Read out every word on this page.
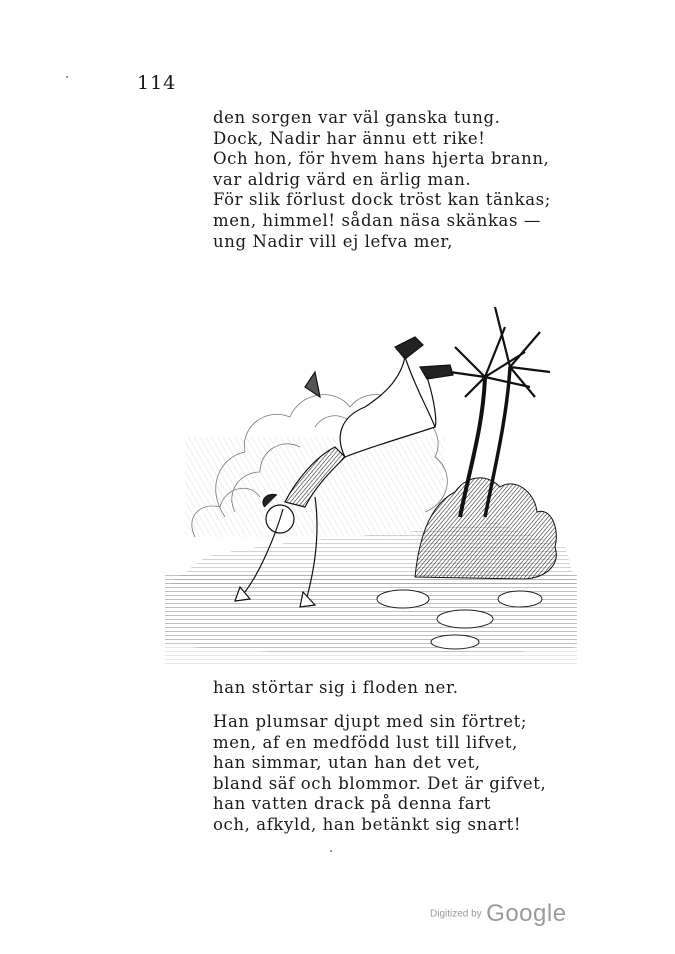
114
den sorgen var väl ganska tung.
Dock, Nadir har ännu ett rike!
Och hon, för hvem hans hjerta brann,
var aldrig värd en ärlig man.
För slik förlust dock tröst kan tänkas;
men, himmel! sådan näsa skänkas —
ung Nadir vill ej lefva mer,
han störtar sig i floden ner.
Han plumsar djupt med sin förtret;
men, af en medfödd lust till lifvet,
han simmar, utan han det vet,
bland säf och blommor. Det är gifvet,
han vatten drack på denna fart
och, afkyld, han betänkt sig snart!
Digitized by Google
